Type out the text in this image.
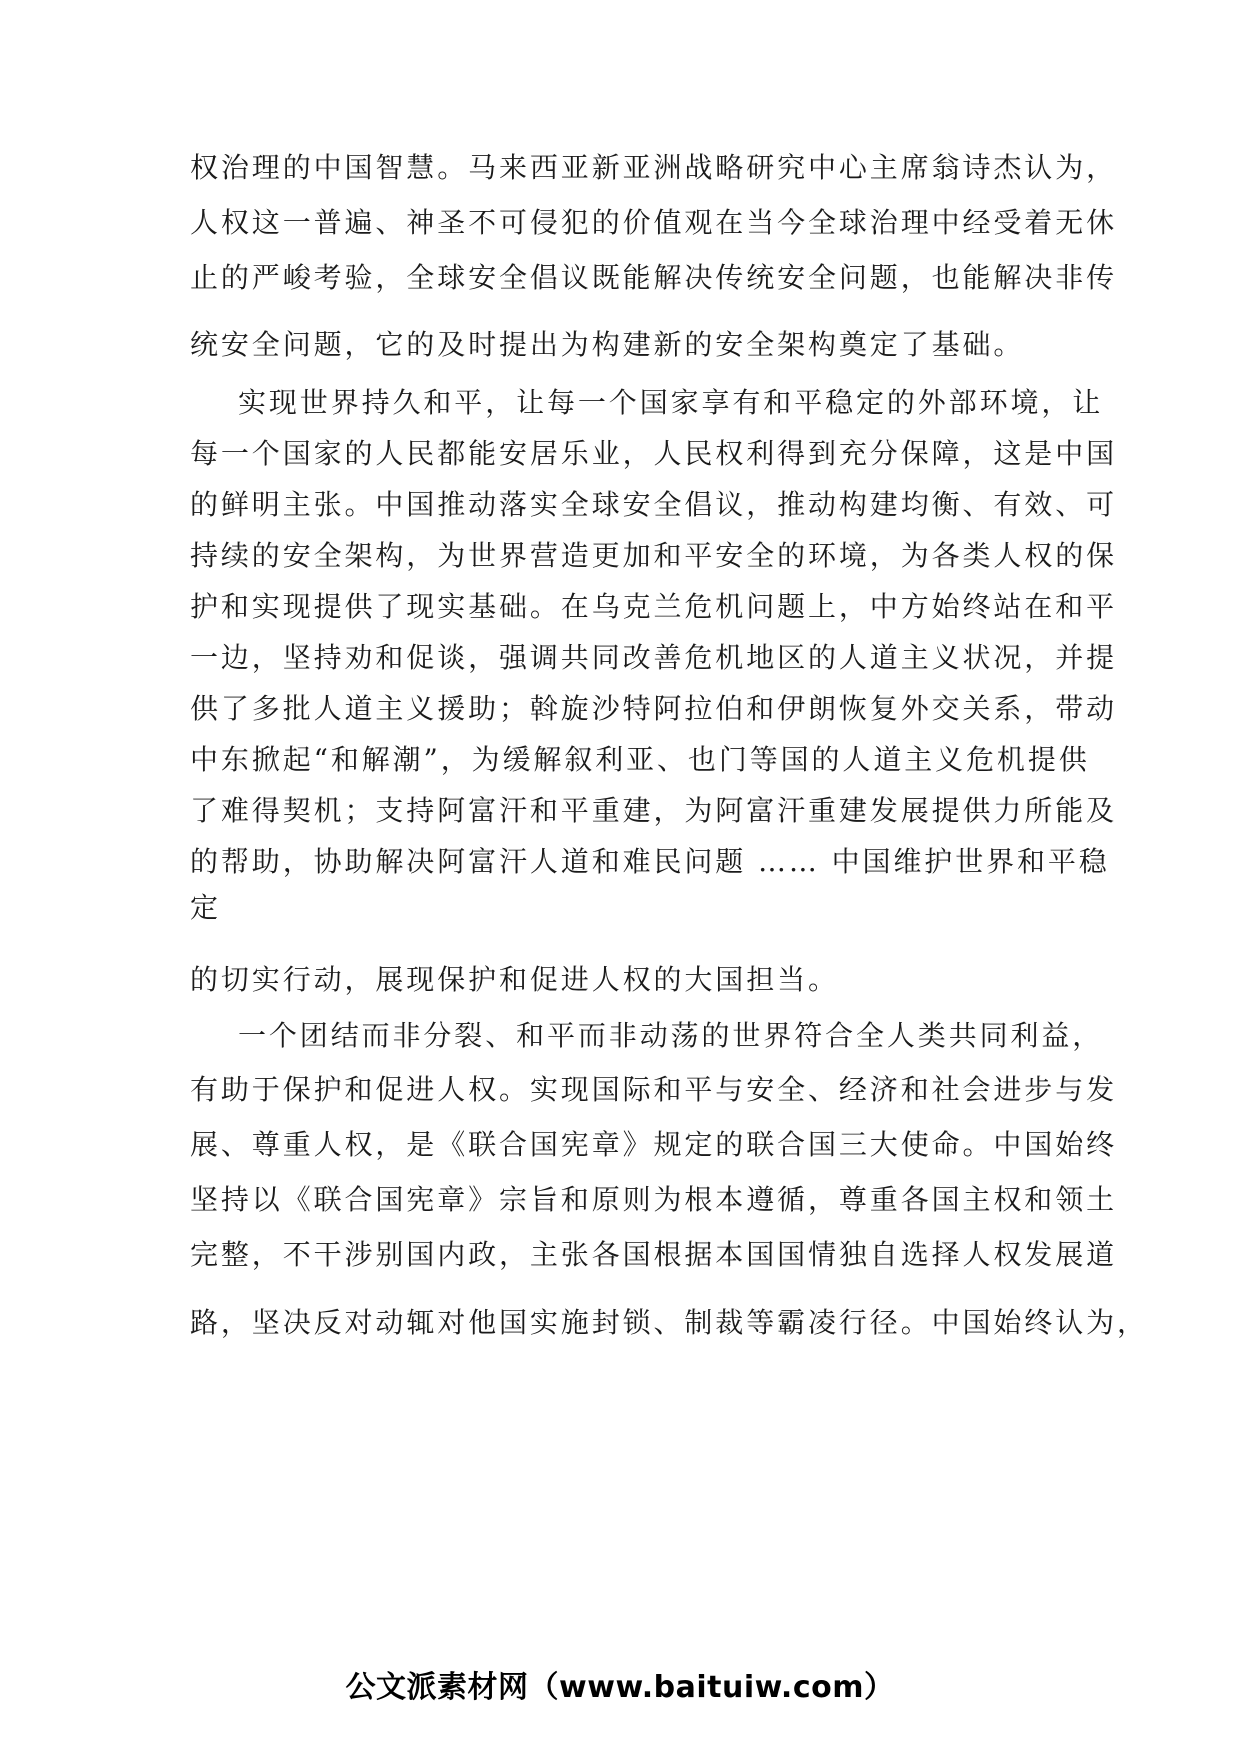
权治理的中国智慧。马来西亚新亚洲战略研究中心主席翁诗杰认为，
人权这一普遍、神圣不可侵犯的价值观在当今全球治理中经受着无休
止的严峻考验，全球安全倡议既能解决传统安全问题，也能解决非传
统安全问题，它的及时提出为构建新的安全架构奠定了基础。
实现世界持久和平，让每一个国家享有和平稳定的外部环境，让
每一个国家的人民都能安居乐业，人民权利得到充分保障，这是中国
的鲜明主张。中国推动落实全球安全倡议，推动构建均衡、有效、可
持续的安全架构，为世界营造更加和平安全的环境，为各类人权的保
护和实现提供了现实基础。在乌克兰危机问题上，中方始终站在和平
一边，坚持劝和促谈，强调共同改善危机地区的人道主义状况，并提
供了多批人道主义援助；斡旋沙特阿拉伯和伊朗恢复外交关系，带动
中东掀起“和解潮”，为缓解叙利亚、也门等国的人道主义危机提供
了难得契机；支持阿富汗和平重建，为阿富汗重建发展提供力所能及
的帮助，协助解决阿富汗人道和难民问题 …… 中国维护世界和平稳
定
的切实行动，展现保护和促进人权的大国担当。
一个团结而非分裂、和平而非动荡的世界符合全人类共同利益，
有助于保护和促进人权。实现国际和平与安全、经济和社会进步与发
展、尊重人权，是《联合国宪章》规定的联合国三大使命。中国始终
坚持以《联合国宪章》宗旨和原则为根本遵循，尊重各国主权和领土
完整，不干涉别国内政，主张各国根据本国国情独自选择人权发展道
路，坚决反对动辄对他国实施封锁、制裁等霸凌行径。中国始终认为，
公文派素材网（www.baituiw.com）
